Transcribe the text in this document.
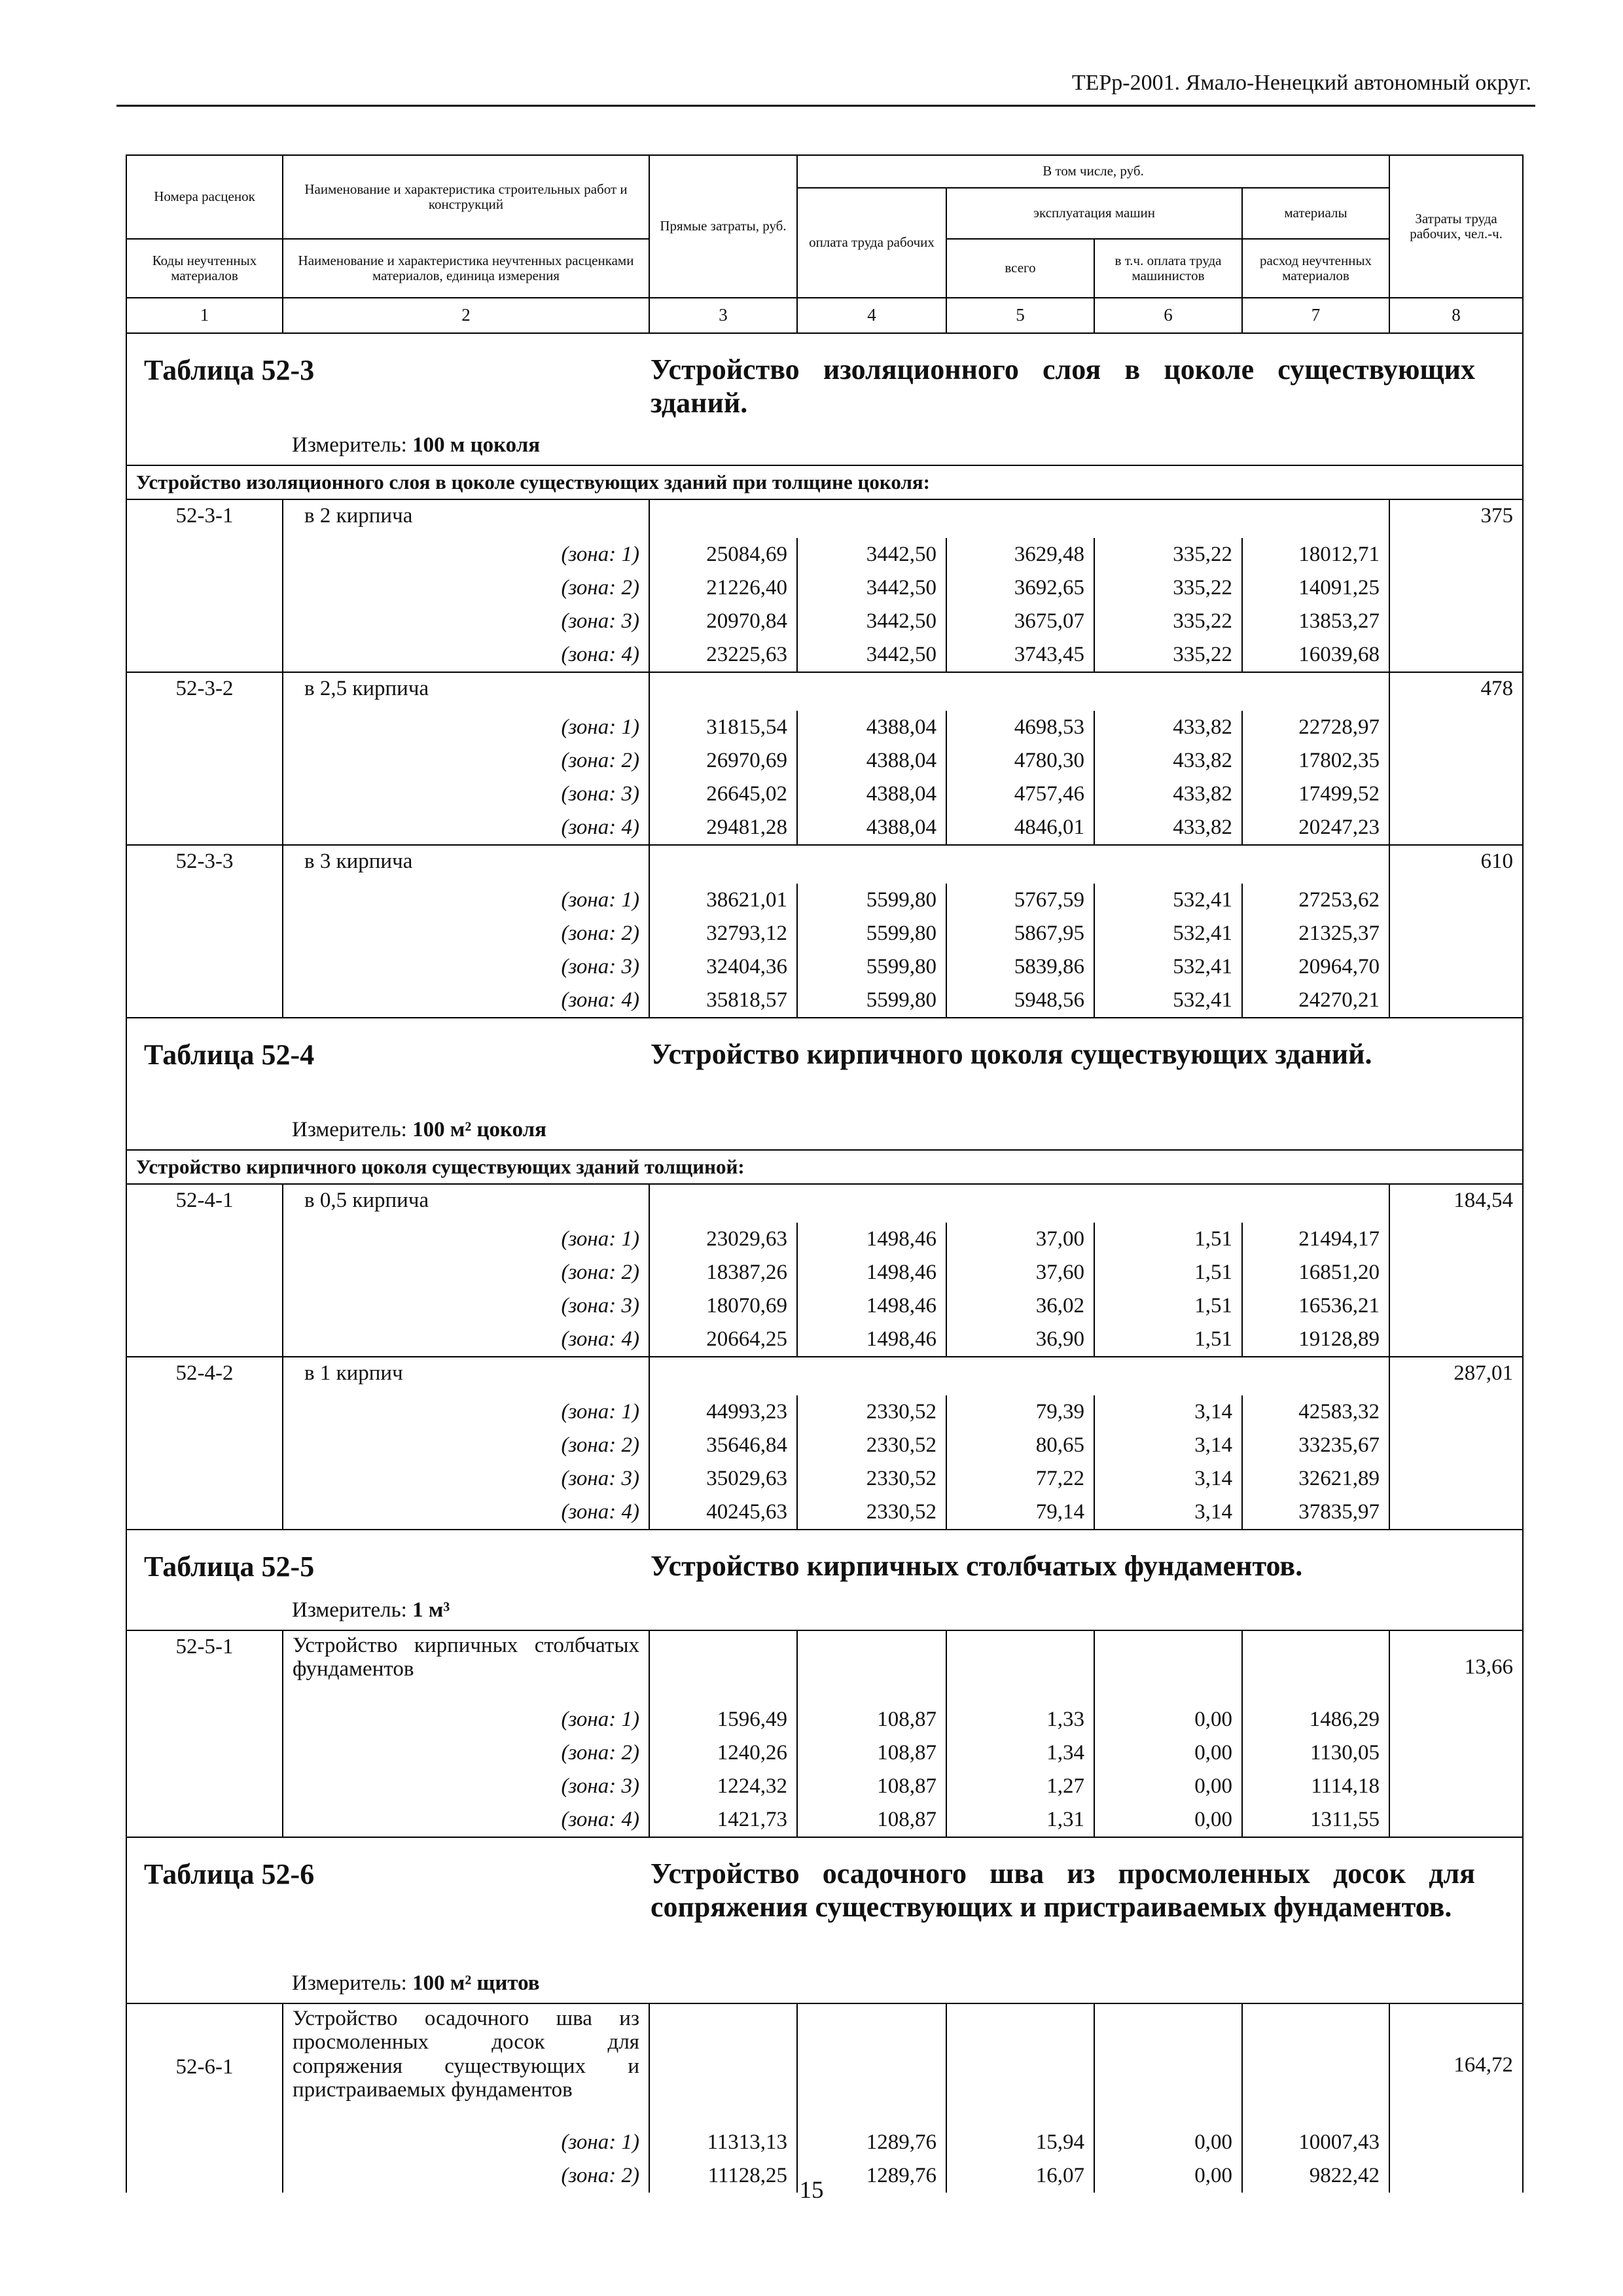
ТЕРр-2001. Ямало-Ненецкий автономный округ.
Номера расценок	Наименование и характеристика строительных работ и конструкций	Прямые затраты, руб.	В том числе, руб.				Затраты труда рабочих, чел.-ч.
			оплата труда рабочих	эксплуатация машин		материалы	
Коды неучтенных материалов	Наименование и характеристика неучтенных расценками материалов, единица измерения			всего	в т.ч. оплата труда машинистов	расход неучтенных материалов	
1	2	3	4	5	6	7	8

Таблица 52-3 Устройство изоляционного слоя в цоколе существующих зданий.
Измеритель: 100 м цоколя							

Устройство изоляционного слоя в цоколе существующих зданий при толщине цоколя:							
52-3-1	в 2 кирпича						375
	(зона: 1)	25084,69	3442,50	3629,48	335,22	18012,71	
	(зона: 2)	21226,40	3442,50	3692,65	335,22	14091,25	
	(зона: 3)	20970,84	3442,50	3675,07	335,22	13853,27	
	(зона: 4)	23225,63	3442,50	3743,45	335,22	16039,68	
52-3-2	в 2,5 кирпича						478
	(зона: 1)	31815,54	4388,04	4698,53	433,82	22728,97	
	(зона: 2)	26970,69	4388,04	4780,30	433,82	17802,35	
	(зона: 3)	26645,02	4388,04	4757,46	433,82	17499,52	
	(зона: 4)	29481,28	4388,04	4846,01	433,82	20247,23	
52-3-3	в 3 кирпича						610
	(зона: 1)	38621,01	5599,80	5767,59	532,41	27253,62	
	(зона: 2)	32793,12	5599,80	5867,95	532,41	21325,37	
	(зона: 3)	32404,36	5599,80	5839,86	532,41	20964,70	
	(зона: 4)	35818,57	5599,80	5948,56	532,41	24270,21	

Таблица 52-4 Устройство кирпичного цоколя существующих зданий.
Измеритель: 100 м² цоколя							

Устройство кирпичного цоколя существующих зданий толщиной:							
52-4-1	в 0,5 кирпича						184,54
	(зона: 1)	23029,63	1498,46	37,00	1,51	21494,17	
	(зона: 2)	18387,26	1498,46	37,60	1,51	16851,20	
	(зона: 3)	18070,69	1498,46	36,02	1,51	16536,21	
	(зона: 4)	20664,25	1498,46	36,90	1,51	19128,89	
52-4-2	в 1 кирпич						287,01
	(зона: 1)	44993,23	2330,52	79,39	3,14	42583,32	
	(зона: 2)	35646,84	2330,52	80,65	3,14	33235,67	
	(зона: 3)	35029,63	2330,52	77,22	3,14	32621,89	
	(зона: 4)	40245,63	2330,52	79,14	3,14	37835,97	

Таблица 52-5 Устройство кирпичных столбчатых фундаментов.
Измеритель: 1 м³							

52-5-1	Устройство кирпичных столбчатых фундаментов						13,66
	(зона: 1)	1596,49	108,87	1,33	0,00	1486,29	
	(зона: 2)	1240,26	108,87	1,34	0,00	1130,05	
	(зона: 3)	1224,32	108,87	1,27	0,00	1114,18	
	(зона: 4)	1421,73	108,87	1,31	0,00	1311,55	

Таблица 52-6 Устройство осадочного шва из просмоленных досок для сопряжения существующих и пристраиваемых фундаментов.
Измеритель: 100 м² щитов							

52-6-1	Устройство осадочного шва из просмоленных досок для сопряжения существующих и пристраиваемых фундаментов						164,72
	(зона: 1)	11313,13	1289,76	15,94	0,00	10007,43	
	(зона: 2)	11128,25	1289,76	16,07	0,00	9822,42	
15
